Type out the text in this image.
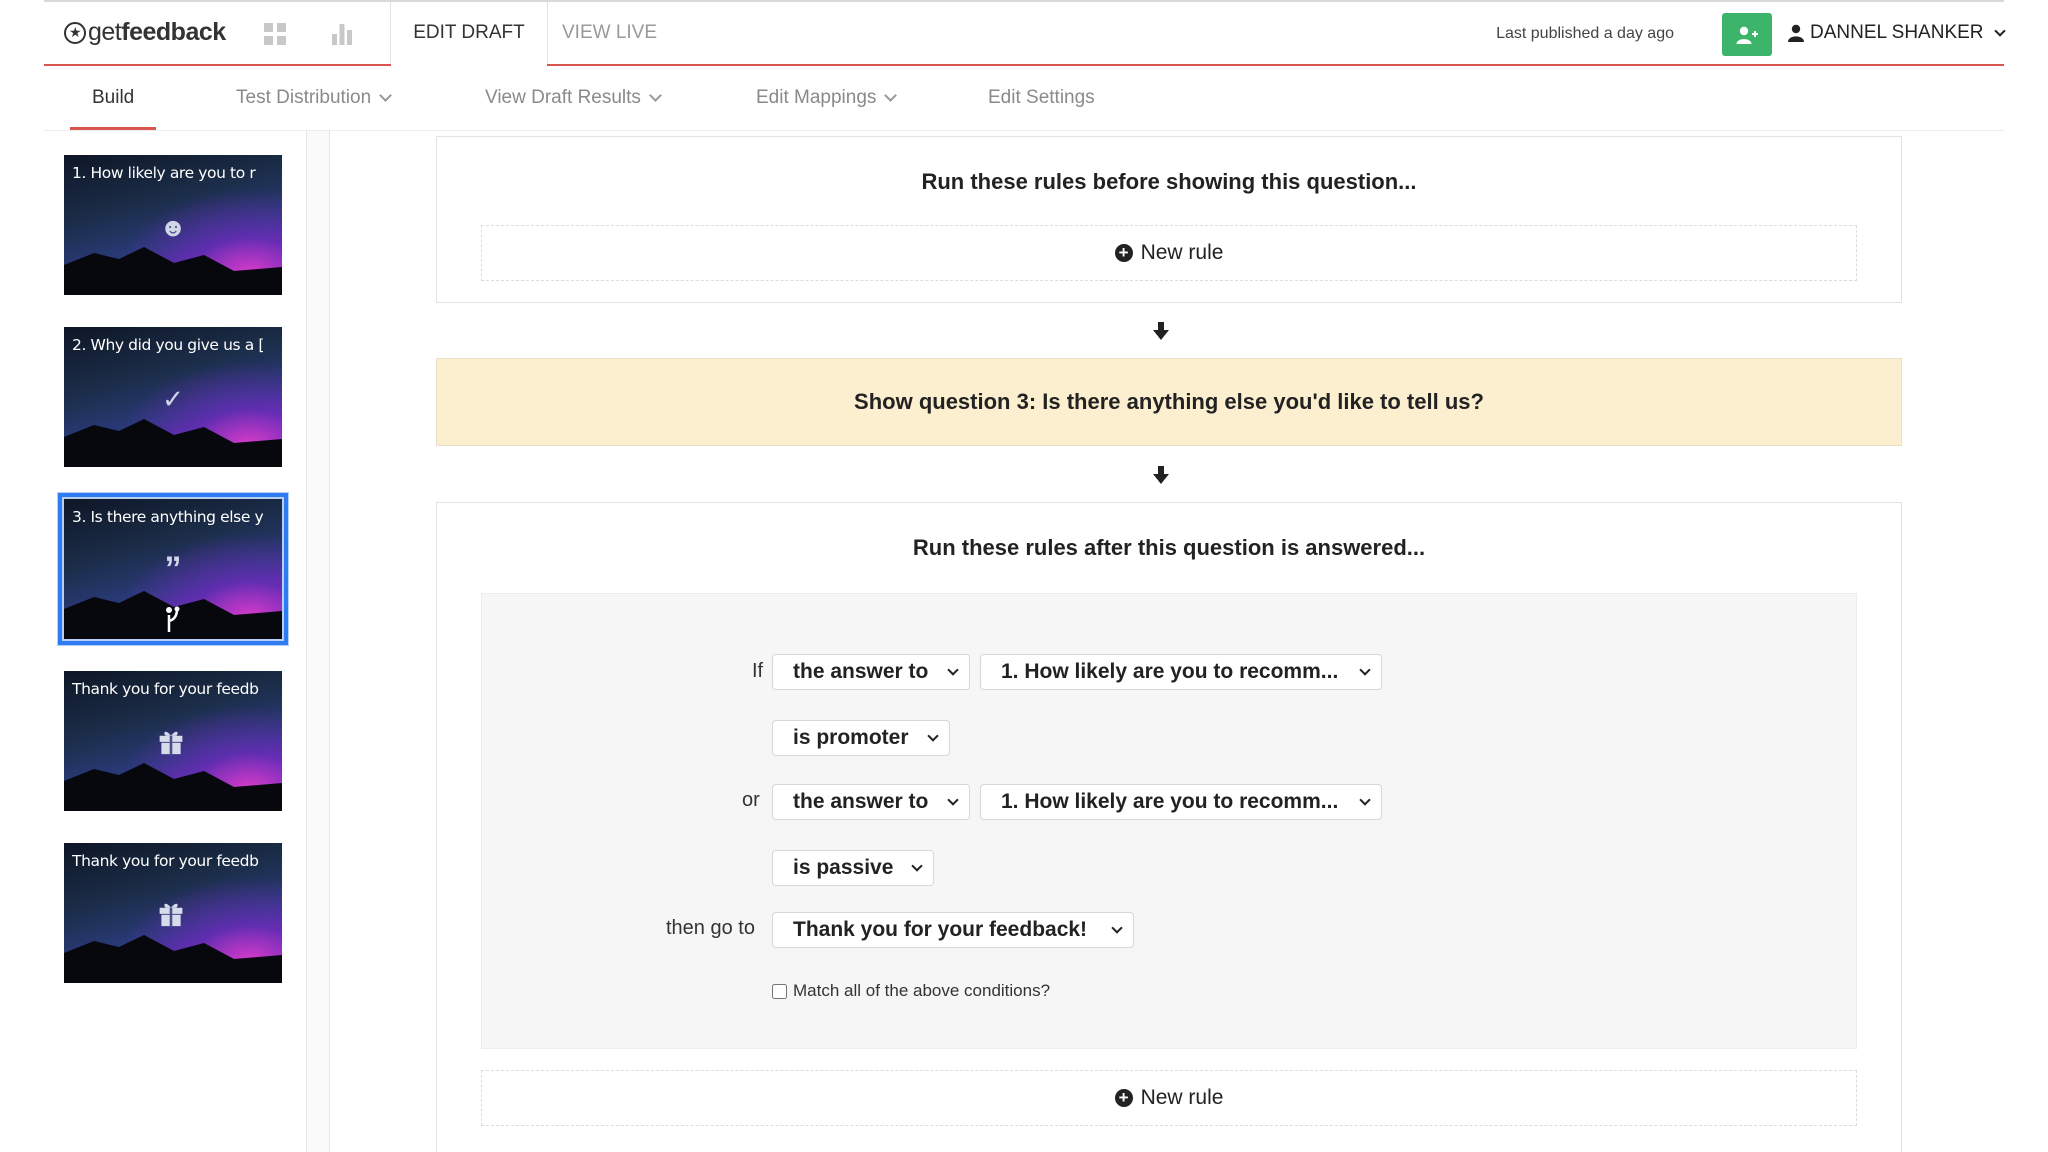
★ get feedback	EDIT DRAFT VIEW LIVE	Last published a day ago	DANNEL SHANKER
Build	Test Distribution	View Draft Results	Edit Mappings	Edit Settings
1. How likely are you to r
☻
2. Why did you give us a [
✓
3. Is there anything else y
”
Thank you for your feedb
Thank you for your feedb
Run these rules before showing this question...
+ New rule
Show question 3: Is there anything else you'd like to tell us?
Run these rules after this question is answered...
If the answer to	1. How likely are you to recomm...
is promoter
or the answer to	1. How likely are you to recomm...
is passive
then go to Thank you for your feedback!
Match all of the above conditions?
+ New rule
